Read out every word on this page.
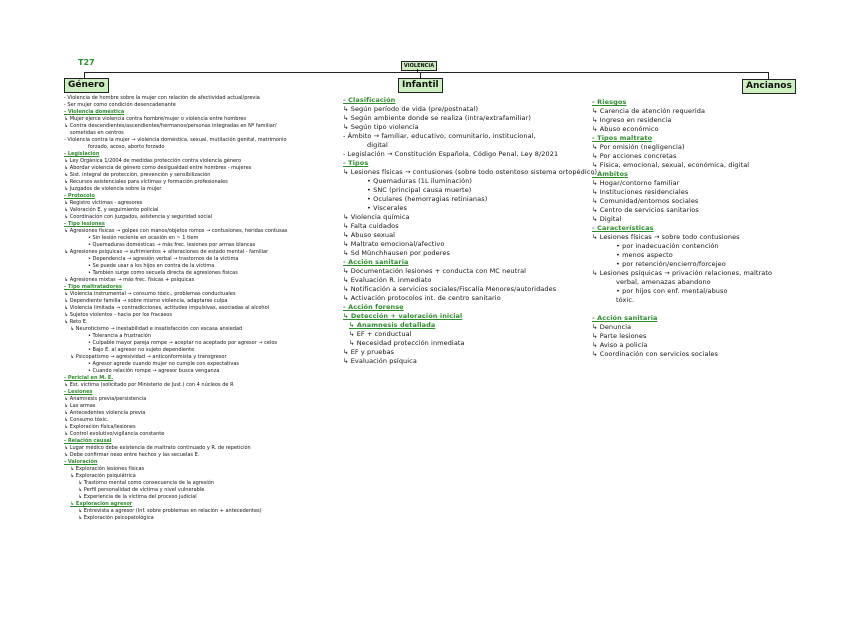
T27	VIOLENCIA
Género	Infantil	Ancianos
- Violencia de hombre sobre la mujer con relación de afectividad actual/previa
- Ser mujer como condición desencadenante
- Violencia doméstica
↳ Mujer ejerce violencia contra hombre/mujer o violencia entre hombres
↳ Contra descendientes/ascendientes/hermanos/personas integradas en Nº familiar/
sometidas en centros
- Violencia contra la mujer → violencia doméstica, sexual, mutilación genital, matrimonio
forzado, acoso, aborto forzado
- Legislación
↳ Ley Orgánica 1/2004 de medidas protección contra violencia género
↳ Abordar violencia de género como desigualdad entre hombres - mujeres
↳ Sist. integral de protección, prevención y sensibilización
↳ Recursos asistenciales para víctimas y formación profesionales
↳ Juzgados de violencia sobre la mujer
- Protocolo
↳ Registro víctimas - agresores
↳ Valoración E. y seguimiento policial
↳ Coordinación con juzgados, asistencia y seguridad social
- Tipo lesiones
↳ Agresiones físicas → golpes con manos/objetos romos → contusiones, heridas contusas
• Sin lesión reciente en ocasión en ~ 1 tiem
• Quemaduras domésticas → más frec. lesiones por armas blancas
↳ Agresiones psíquicas → sufrimientos + alteraciones de estado mental - familiar
• Dependencia → agresión verbal → trastornos de la víctima
• Se puede usar a los hijos en contra de la víctima
• También surge como secuela directa de agresiones físicas
↳ Agresiones mixtas → más frec. físicas + psíquicas
- Tipo maltratadores
↳ Violencia instrumental → consumo tóxic., problemas conductuales
↳ Dependiente familia → sobre mismo violencia, adaptarse culpa
↳ Violencia limitada → contradicciones, actitudes impulsivas, asociadas al alcohol
↳ Sujetos violentos - hacia por los fracasos
↳ Reto E.
↳ Neuroticismo → inestabilidad e insatisfacción con escasa ansiedad
• Tolerancia a frustración
• Culpable mayor pareja rompe → aceptar no aceptado por agresor → celos
• Bajo E. al agresor no sujeto dependiente
↳ Psicopatismo → agresividad → anticonformista y transgresor
• Agresor agrede cuando mujer no cumple con expectativas
• Cuando relación rompe → agresor busca venganza
- Pericial en M. E.
↳ Est. víctima (solicitado por Ministerio de Just.) con 4 núcleos de R
- Lesiones
↳ Anamnesis previa/persistencia
↳ Las armas
↳ Antecedentes violencia previa
↳ Consumo tóxic.
↳ Exploración física/lesiones
↳ Control evolutivo/vigilancia constante
- Relación causal
↳ Lugar médico debe existencia de maltrato continuado y R. de repetición
↳ Debe confirmar nexo entre hechos y las secuelas E.
- Valoración
↳ Exploración lesiones físicas
↳ Exploración psiquiátrica
↳ Trastorno mental como consecuencia de la agresión
↳ Perfil personalidad de víctima y nivel vulnerable
↳ Experiencia de la víctima del proceso judicial
↳ Exploración agresor
↳ Entrevista a agresor (Inf. sobre problemas en relación + antecedentes)
↳ Exploración psicopatológica
- Clasificación
↳ Según período de vida (pre/postnatal)
↳ Según ambiente donde se realiza (intra/extrafamiliar)
↳ Según tipo violencia
- Ámbito → familiar, educativo, comunitario, institucional,
digital
- Legislación → Constitución Española, Código Penal, Ley 8/2021
- Tipos
↳ Lesiones físicas → contusiones (sobre todo ostentoso sistema ortopédico)
• Quemaduras (1L iluminación)
• SNC (principal causa muerte)
• Oculares (hemorragias retinianas)
• Viscerales
↳ Violencia química
↳ Falta cuidados
↳ Abuso sexual
↳ Maltrato emocional/afectivo
↳ Sd Münchhausen por poderes
- Acción sanitaria
↳ Documentación lesiones + conducta con MC neutral
↳ Evaluación R. inmediato
↳ Notificación a servicios sociales/Fiscalía Menores/autoridades
↳ Activación protocolos int. de centro sanitario
- Acción forense
↳ Detección + valoración inicial
↳ Anamnesis detallada
↳ EF + conductual
↳ Necesidad protección inmediata
↳ EF y pruebas
↳ Evaluación psíquica
- Riesgos
↳ Carencia de atención requerida
↳ Ingreso en residencia
↳ Abuso económico
- Tipos maltrato
↳ Por omisión (negligencia)
↳ Por acciones concretas
↳ Física, emocional, sexual, económica, digital
- Ámbitos
↳ Hogar/contorno familiar
↳ Instituciones residenciales
↳ Comunidad/entornos sociales
↳ Centro de servicios sanitarios
↳ Digital
- Características
↳ Lesiones físicas → sobre todo contusiones
• por inadecuación contención
• menos aspecto
• por retención/encierro/forcejeo
↳ Lesiones psíquicas → privación relaciones, maltrato
verbal, amenazas abandono
• por hijos con enf. mental/abuso
tóxic.

- Acción sanitaria
↳ Denuncia
↳ Parte lesiones
↳ Aviso a policía
↳ Coordinación con servicios sociales
